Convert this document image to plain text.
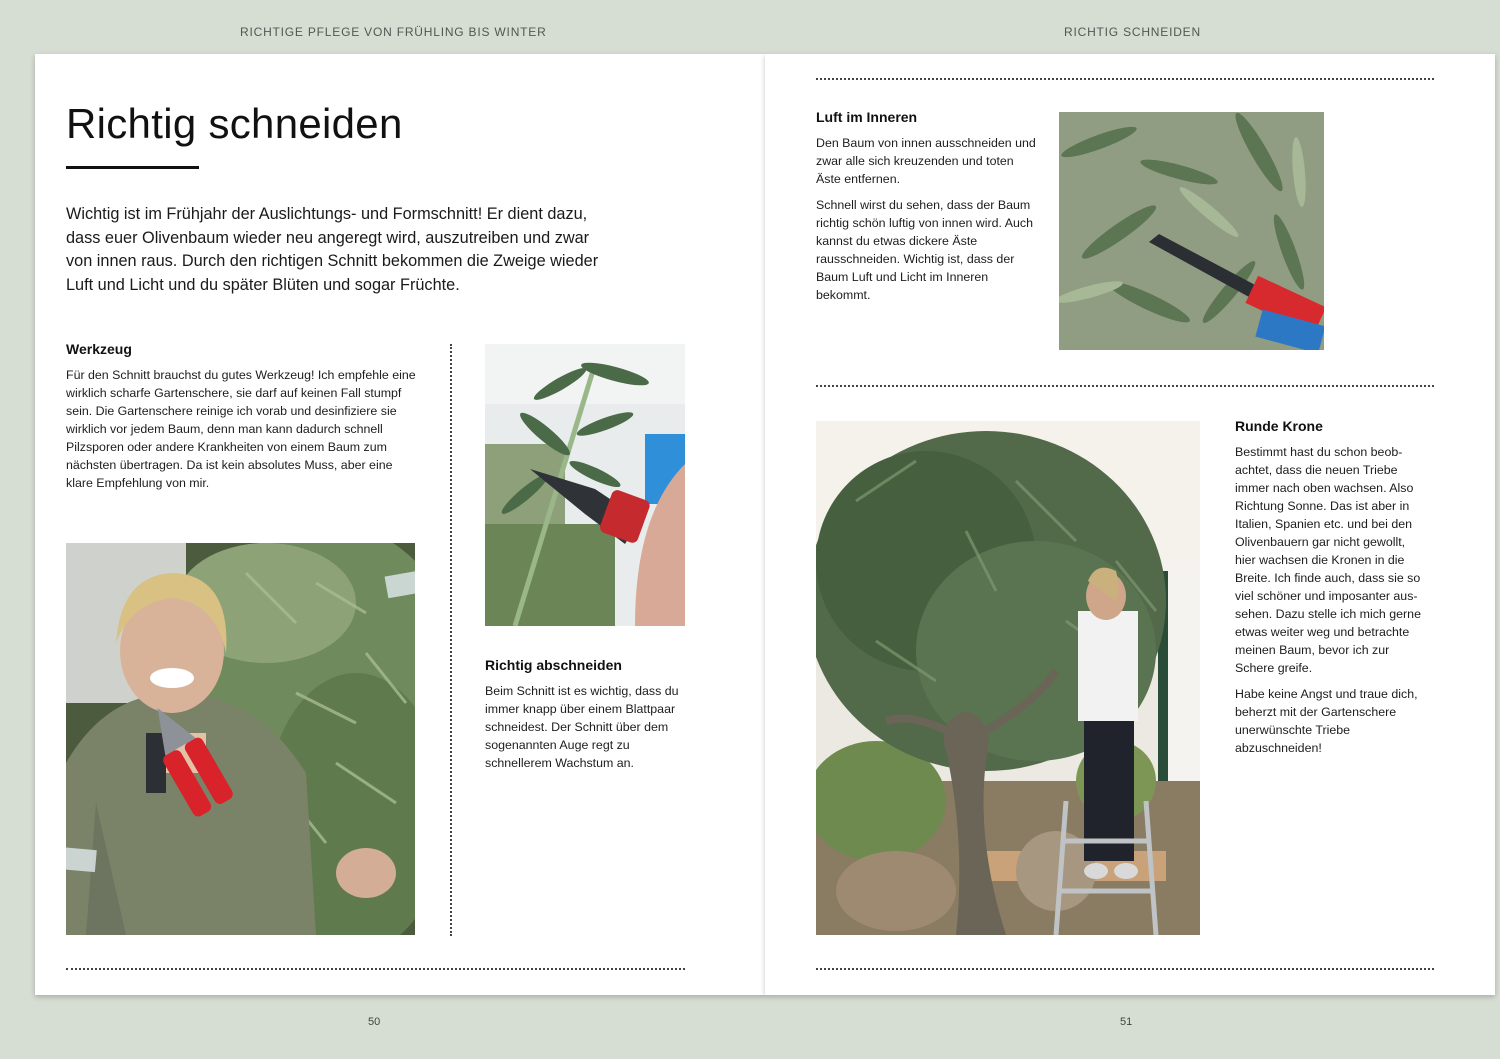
RICHTIGE PFLEGE VON FRÜHLING BIS WINTER	RICHTIG SCHNEIDEN
Richtig schneiden

Wichtig ist im Frühjahr der Auslichtungs- und Formschnitt! Er dient dazu, dass euer Olivenbaum wieder neu angeregt wird, auszutreiben und zwar von innen raus. Durch den richtigen Schnitt bekommen die Zweige wieder Luft und Licht und du später Blüten und sogar Früchte.

Werkzeug

Für den Schnitt brauchst du gutes Werkzeug! Ich empfehle eine wirklich scharfe Gartenschere, sie darf auf keinen Fall stumpf sein. Die Gartenschere reinige ich vorab und desinfiziere sie wirklich vor jedem Baum, denn man kann dadurch schnell Pilzsporen oder andere Krankheiten von einem Baum zum nächsten übertragen. Da ist kein absolutes Muss, aber eine klare Empfehlung von mir.

Richtig abschneiden

Beim Schnitt ist es wichtig, dass du immer knapp über einem Blattpaar schneidest. Der Schnitt über dem sogenannten Auge regt zu schnellerem Wachstum an.

50
Luft im Inneren

Den Baum von innen ausschneiden und zwar alle sich kreuzenden und toten Äste entfernen.

Schnell wirst du sehen, dass der Baum richtig schön luftig von innen wird. Auch kannst du etwas dickere Äste rausschneiden. Wichtig ist, dass der Baum Luft und Licht im Inneren bekommt.

Runde Krone

Bestimmt hast du schon beobachtet, dass die neuen Triebe immer nach oben wachsen. Also Richtung Sonne. Das ist aber in Italien, Spanien etc. und bei den Olivenbauern gar nicht gewollt, hier wachsen die Kronen in die Breite. Ich finde auch, dass sie so viel schöner und imposanter aussehen. Dazu stelle ich mich gerne etwas weiter weg und betrachte meinen Baum, bevor ich zur Schere greife.

Habe keine Angst und traue dich, beherzt mit der Gartenschere unerwünschte Triebe abzuschneiden!

51
